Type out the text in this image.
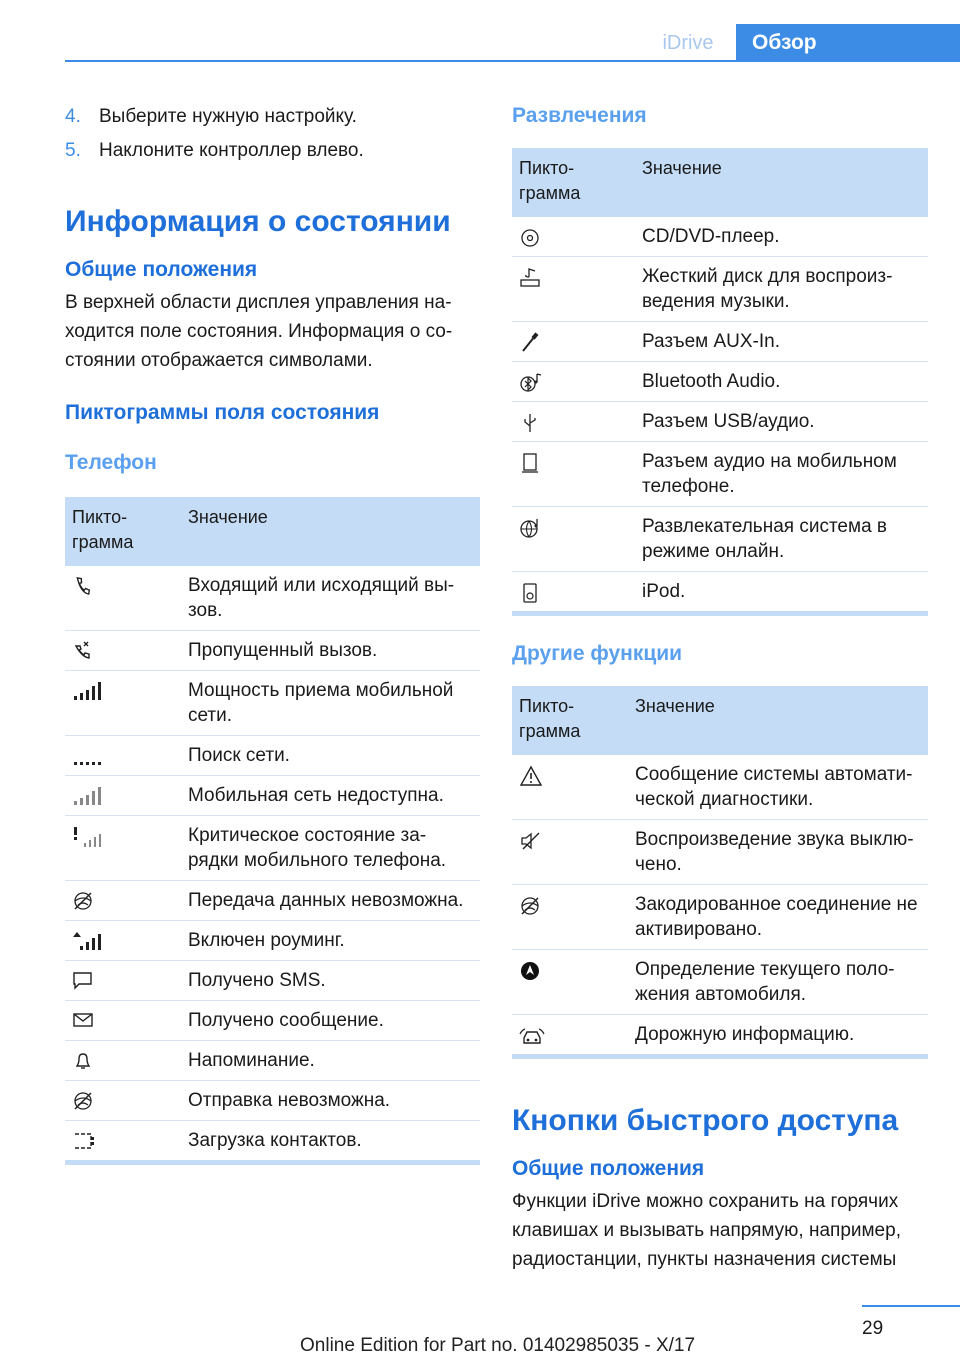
iDrive	Обзор
4. Выберите нужную настройку.
5. Наклоните контроллер влево.
Информация о состоянии
Общие положения

В верхней области дисплея управления на-ходится поле состояния. Информация о со-стоянии отображается символами.

Пиктограммы поля состояния
Телефон
Пикто-грамма	Значение

	Входящий или исходящий вы-зов.

	Пропущенный вызов.

	Мощность приема мобильной сети.

	Поиск сети.

	Мобильная сеть недоступна.

	Критическое состояние за-рядки мобильного телефона.

	Передача данных невозможна.

	Включен роуминг.

	Получено SMS.

	Получено сообщение.

	Напоминание.

	Отправка невозможна.

	Загрузка контактов.
Развлечения
Пикто-грамма	Значение

	CD/DVD-плеер.

	Жесткий диск для воспроиз-ведения музыки.

	Разъем AUX-In.

	Bluetooth Audio.

	Разъем USB/аудио.

	Разъем аудио на мобильном телефоне.

	Развлекательная система в режиме онлайн.

	iPod.
Другие функции
Пикто-грамма	Значение

	Сообщение системы автомати-ческой диагностики.

	Воспроизведение звука выклю-чено.

	Закодированное соединение не активировано.

	Определение текущего поло-жения автомобиля.

	Дорожную информацию.
Кнопки быстрого доступа
Общие положения

Функции iDrive можно сохранить на горячих клавишах и вызывать напрямую, например, радиостанции, пункты назначения системы

29
Online Edition for Part no. 01402985035 - X/17
